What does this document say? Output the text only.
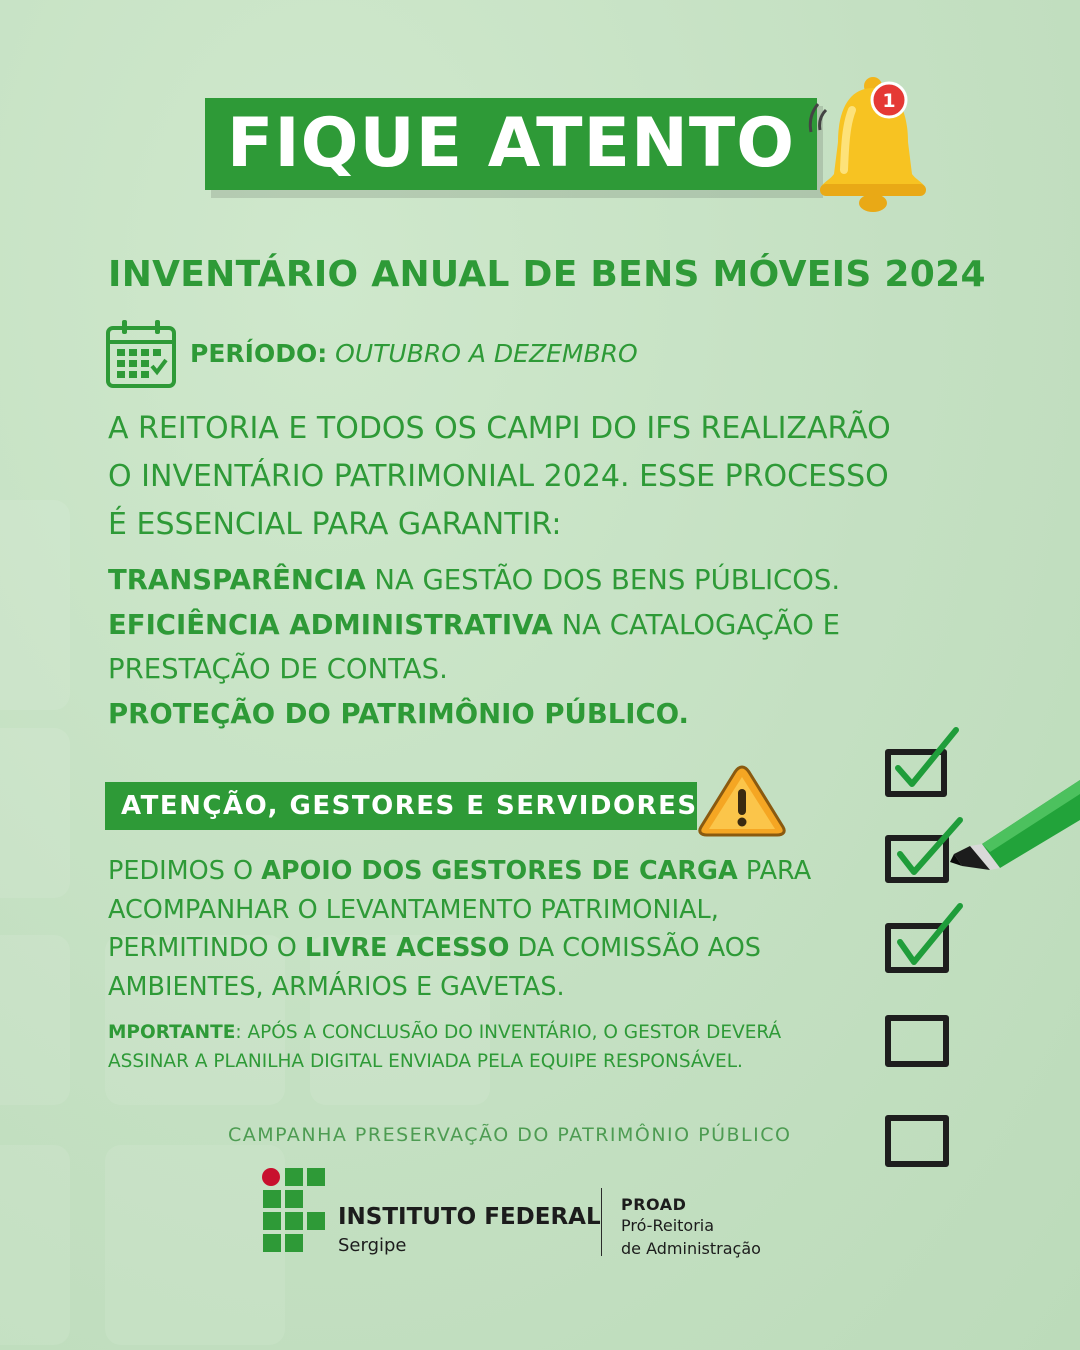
FIQUE ATENTO
1
INVENTÁRIO ANUAL DE BENS MÓVEIS 2024
PERÍODO: OUTUBRO A DEZEMBRO
A REITORIA E TODOS OS CAMPI DO IFS REALIZARÃO
O INVENTÁRIO PATRIMONIAL 2024. ESSE PROCESSO
É ESSENCIAL PARA GARANTIR:
TRANSPARÊNCIA NA GESTÃO DOS BENS PÚBLICOS.
EFICIÊNCIA ADMINISTRATIVA NA CATALOGAÇÃO E
PRESTAÇÃO DE CONTAS.
PROTEÇÃO DO PATRIMÔNIO PÚBLICO.
ATENÇÃO, GESTORES E SERVIDORES
PEDIMOS O APOIO DOS GESTORES DE CARGA PARA
ACOMPANHAR O LEVANTAMENTO PATRIMONIAL,
PERMITINDO O LIVRE ACESSO DA COMISSÃO AOS
AMBIENTES, ARMÁRIOS E GAVETAS.
MPORTANTE: APÓS A CONCLUSÃO DO INVENTÁRIO, O GESTOR DEVERÁ
ASSINAR A PLANILHA DIGITAL ENVIADA PELA EQUIPE RESPONSÁVEL.
CAMPANHA PRESERVAÇÃO DO PATRIMÔNIO PÚBLICO
INSTITUTO FEDERAL
Sergipe
PROAD
Pró-Reitoria
de Administração
